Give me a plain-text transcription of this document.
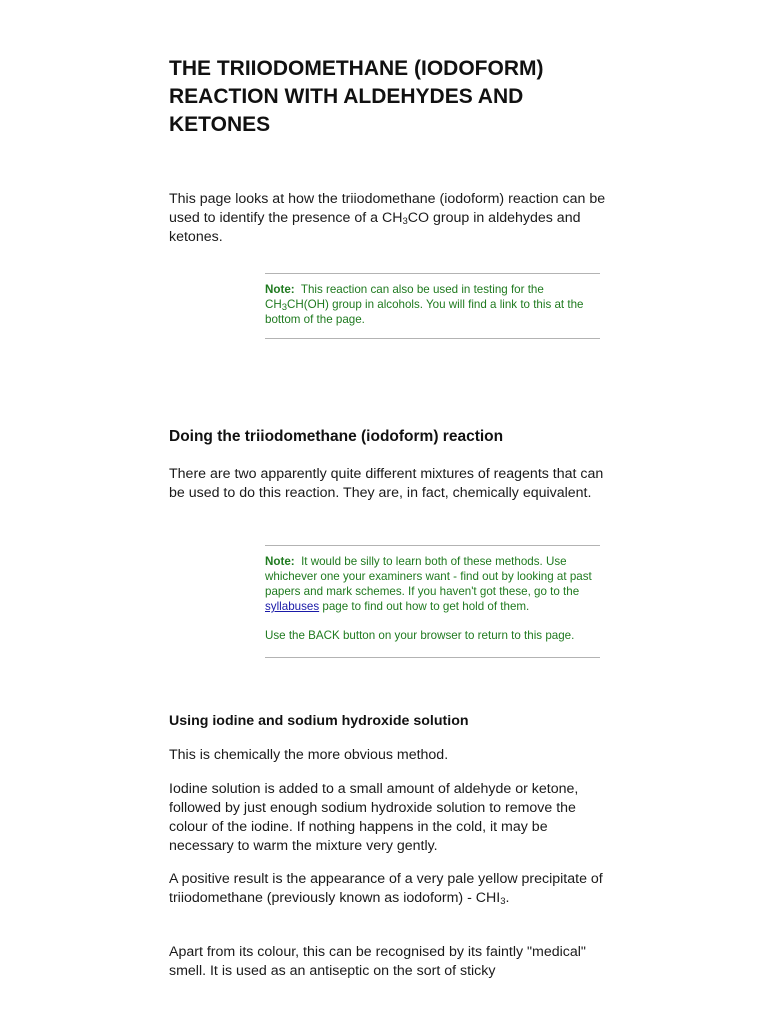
THE TRIIODOMETHANE (IODOFORM) REACTION WITH ALDEHYDES AND KETONES

This page looks at how the triiodomethane (iodoform) reaction can be used to identify the presence of a $CH_3CO$ group in aldehydes and ketones.

Note: This reaction can also be used in testing for the $CH_3CH(OH)$ group in alcohols. You will find a link to this at the bottom of the page.

Doing the triiodomethane (iodoform) reaction

There are two apparently quite different mixtures of reagents that can be used to do this reaction. They are, in fact, chemically equivalent.

Note: It would be silly to learn both of these methods. Use whichever one your examiners want - find out by looking at past papers and mark schemes. If you haven't got these, go to the syllabuses page to find out how to get hold of them.

Use the BACK button on your browser to return to this page.

Using iodine and sodium hydroxide solution

This is chemically the more obvious method.

Iodine solution is added to a small amount of aldehyde or ketone, followed by just enough sodium hydroxide solution to remove the colour of the iodine. If nothing happens in the cold, it may be necessary to warm the mixture very gently.

A positive result is the appearance of a very pale yellow precipitate of triiodomethane (previously known as iodoform) - $CHI_3$.

Apart from its colour, this can be recognised by its faintly "medical" smell. It is used as an antiseptic on the sort of sticky
